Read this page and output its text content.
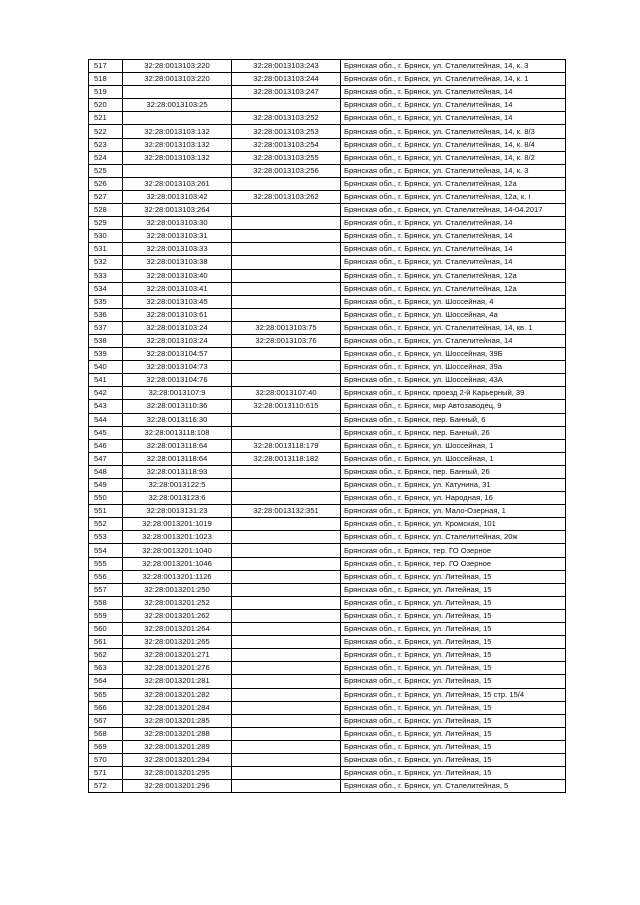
517	32:28:0013103:220	32:28:0013103:243	Брянская обл., г. Брянск, ул. Сталелитейная, 14, к. 3
518	32:28:0013103:220	32:28:0013103:244	Брянская обл., г. Брянск, ул. Сталелитейная, 14, к. 1
519		32:28:0013103:247	Брянская обл., г. Брянск, ул. Сталелитейная, 14
520	32:28:0013103:25		Брянская обл., г. Брянск, ул. Сталелитейная, 14
521		32:28:0013103:252	Брянская обл., г. Брянск, ул. Сталелитейная, 14
522	32:28:0013103:132	32:28:0013103:253	Брянская обл., г. Брянск, ул. Сталелитейная, 14, к. 8/3
523	32:28:0013103:132	32:28:0013103:254	Брянская обл., г. Брянск, ул. Сталелитейная, 14, к. 8/4
524	32:28:0013103:132	32:28:0013103:255	Брянская обл., г. Брянск, ул. Сталелитейная, 14, к. 8/2
525		32:28:0013103:256	Брянская обл., г. Брянск, ул. Сталелитейная, 14, к. 3
526	32:28:0013103:261		Брянская обл., г. Брянск, ул. Сталелитейная, 12а
527	32:28:0013103:42	32:28:0013103:262	Брянская обл., г. Брянск, ул. Сталелитейная, 12а, к. I
528	32:28:0013103:264		Брянская обл., г. Брянск, ул. Сталелитейная, 14-04.2017
529	32:28:0013103:30		Брянская обл., г. Брянск, ул. Сталелитейная, 14
530	32:28:0013103:31		Брянская обл., г. Брянск, ул. Сталелитейная, 14
531	32:28:0013103:33		Брянская обл., г. Брянск, ул. Сталелитейная, 14
532	32:28:0013103:38		Брянская обл., г. Брянск, ул. Сталелитейная, 14
533	32:28:0013103:40		Брянская обл., г. Брянск, ул. Сталелитейная, 12а
534	32:28:0013103:41		Брянская обл., г. Брянск, ул. Сталелитейная, 12а
535	32:28:0013103:45		Брянская обл., г. Брянск, ул. Шоссейная, 4
536	32:28:0013103:61		Брянская обл., г. Брянск, ул. Шоссейная, 4а
537	32:28:0013103:24	32:28:0013103:75	Брянская обл., г. Брянск, ул. Сталелитейная, 14, кв. 1
538	32:28:0013103:24	32:28:0013103:76	Брянская обл., г. Брянск, ул. Сталелитейная, 14
539	32:28:0013104:57		Брянская обл., г. Брянск, ул. Шоссейная, 39Б
540	32:28:0013104:73		Брянская обл., г. Брянск, ул. Шоссейная, 39а
541	32:28:0013104:76		Брянская обл., г. Брянск, ул. Шоссейная, 43А
542	32:28:0013107:9	32:28:0013107:40	Брянская обл., г. Брянск, проезд 2-й Карьерный, 39
543	32:28:0013110:36	32:28:0013110:615	Брянская обл., г. Брянск, мкр Автозаводец, 9
544	32:28:0013116:30		Брянская обл., г. Брянск, пер. Банный, 6
545	32:28:0013118:108		Брянская обл., г. Брянск, пер. Банный, 26
546	32:28:0013118:64	32:28:0013118:179	Брянская обл., г. Брянск, ул. Шоссейная, 1
547	32:28:0013118:64	32:28:0013118:182	Брянская обл., г. Брянск, ул. Шоссейная, 1
548	32:28:0013118:93		Брянская обл., г. Брянск, пер. Банный, 26
549	32:28:0013122:5		Брянская обл., г. Брянск, ул. Катунина, 31
550	32:28:0013123:6		Брянская обл., г. Брянск, ул. Народная, 16
551	32:28:0013131:23	32:28:0013132:351	Брянская обл., г. Брянск, ул. Мало-Озерная, 1
552	32:28:0013201:1019		Брянская обл., г. Брянск, ул. Кромская, 101
553	32:28:0013201:1023		Брянская обл., г. Брянск, ул. Сталелитейная, 20ж
554	32:28:0013201:1040		Брянская обл., г. Брянск, тер. ГО Озерное
555	32:28:0013201:1046		Брянская обл., г. Брянск, тер. ГО Озерное
556	32:28:0013201:1126		Брянская обл., г. Брянск, ул. Литейная, 15
557	32:28:0013201:250		Брянская обл., г. Брянск, ул. Литейная, 15
558	32:28:0013201:252		Брянская обл., г. Брянск, ул. Литейная, 15
559	32:28:0013201:262		Брянская обл., г. Брянск, ул. Литейная, 15
560	32:28:0013201:264		Брянская обл., г. Брянск, ул. Литейная, 15
561	32:28:0013201:265		Брянская обл., г. Брянск, ул. Литейная, 15
562	32:28:0013201:271		Брянская обл., г. Брянск, ул. Литейная, 15
563	32:28:0013201:276		Брянская обл., г. Брянск, ул. Литейная, 15
564	32:28:0013201:281		Брянская обл., г. Брянск, ул. Литейная, 15
565	32:28:0013201:282		Брянская обл., г. Брянск, ул. Литейная, 15 стр. 15/4
566	32:28:0013201:284		Брянская обл., г. Брянск, ул. Литейная, 15
567	32:28:0013201:285		Брянская обл., г. Брянск, ул. Литейная, 15
568	32:28:0013201:288		Брянская обл., г. Брянск, ул. Литейная, 15
569	32:28:0013201:289		Брянская обл., г. Брянск, ул. Литейная, 15
570	32:28:0013201:294		Брянская обл., г. Брянск, ул. Литейная, 15
571	32:28:0013201:295		Брянская обл., г. Брянск, ул. Литейная, 15
572	32:28:0013201:296		Брянская обл., г. Брянск, ул. Сталелитейная, 5
